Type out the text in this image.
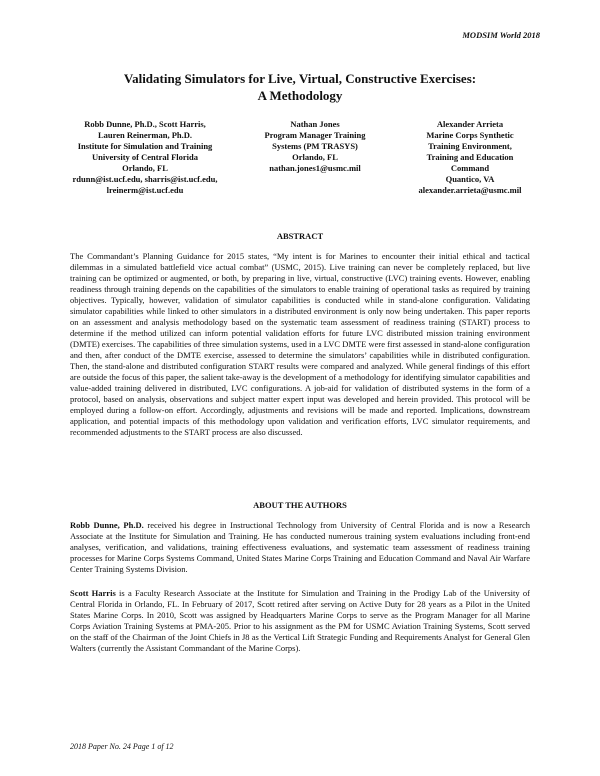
MODSIM World 2018
Validating Simulators for Live, Virtual, Constructive Exercises:
A Methodology
Robb Dunne, Ph.D., Scott Harris,
Lauren Reinerman, Ph.D.
Institute for Simulation and Training
University of Central Florida
Orlando, FL
rdunn@ist.ucf.edu, sharris@ist.ucf.edu,
lreinerm@ist.ucf.edu
Nathan Jones
Program Manager Training
Systems (PM TRASYS)
Orlando, FL
nathan.jones1@usmc.mil
Alexander Arrieta
Marine Corps Synthetic
Training Environment,
Training and Education
Command
Quantico, VA
alexander.arrieta@usmc.mil
ABSTRACT

The Commandant’s Planning Guidance for 2015 states, “My intent is for Marines to encounter their initial ethical and tactical dilemmas in a simulated battlefield vice actual combat” (USMC, 2015). Live training can never be completely replaced, but live training can be optimized or augmented, or both, by preparing in live, virtual, constructive (LVC) training events. However, enabling readiness through training depends on the capabilities of the simulators to enable training of operational tasks as required by training objectives. Typically, however, validation of simulator capabilities is conducted while in stand-alone configuration. Validating simulator capabilities while linked to other simulators in a distributed environment is only now being undertaken. This paper reports on an assessment and analysis methodology based on the systematic team assessment of readiness training (START) process to determine if the method utilized can inform potential validation efforts for future LVC distributed mission training environment (DMTE) exercises. The capabilities of three simulation systems, used in a LVC DMTE were first assessed in stand-alone configuration and then, after conduct of the DMTE exercise, assessed to determine the simulators’ capabilities while in distributed configuration. Then, the stand-alone and distributed configuration START results were compared and analyzed. While general findings of this effort are outside the focus of this paper, the salient take-away is the development of a methodology for identifying simulator capabilities and value-added training delivered in distributed, LVC configurations. A job-aid for validation of distributed systems in the form of a protocol, based on analysis, observations and subject matter expert input was developed and herein provided. This protocol will be employed during a follow-on effort. Accordingly, adjustments and revisions will be made and reported. Implications, downstream application, and potential impacts of this methodology upon validation and verification efforts, LVC simulator requirements, and recommended adjustments to the START process are also discussed.

ABOUT THE AUTHORS

Robb Dunne, Ph.D. received his degree in Instructional Technology from University of Central Florida and is now a Research Associate at the Institute for Simulation and Training. He has conducted numerous training system evaluations including front-end analyses, verification, and validations, training effectiveness evaluations, and systematic team assessment of readiness training processes for Marine Corps Systems Command, United States Marine Corps Training and Education Command and Naval Air Warfare Center Training Systems Division.

Scott Harris is a Faculty Research Associate at the Institute for Simulation and Training in the Prodigy Lab of the University of Central Florida in Orlando, FL. In February of 2017, Scott retired after serving on Active Duty for 28 years as a Pilot in the United States Marine Corps. In 2010, Scott was assigned by Headquarters Marine Corps to serve as the Program Manager for all Marine Corps Aviation Training Systems at PMA-205. Prior to his assignment as the PM for USMC Aviation Training Systems, Scott served on the staff of the Chairman of the Joint Chiefs in J8 as the Vertical Lift Strategic Funding and Requirements Analyst for General Glen Walters (currently the Assistant Commandant of the Marine Corps).

2018 Paper No. 24 Page 1 of 12
